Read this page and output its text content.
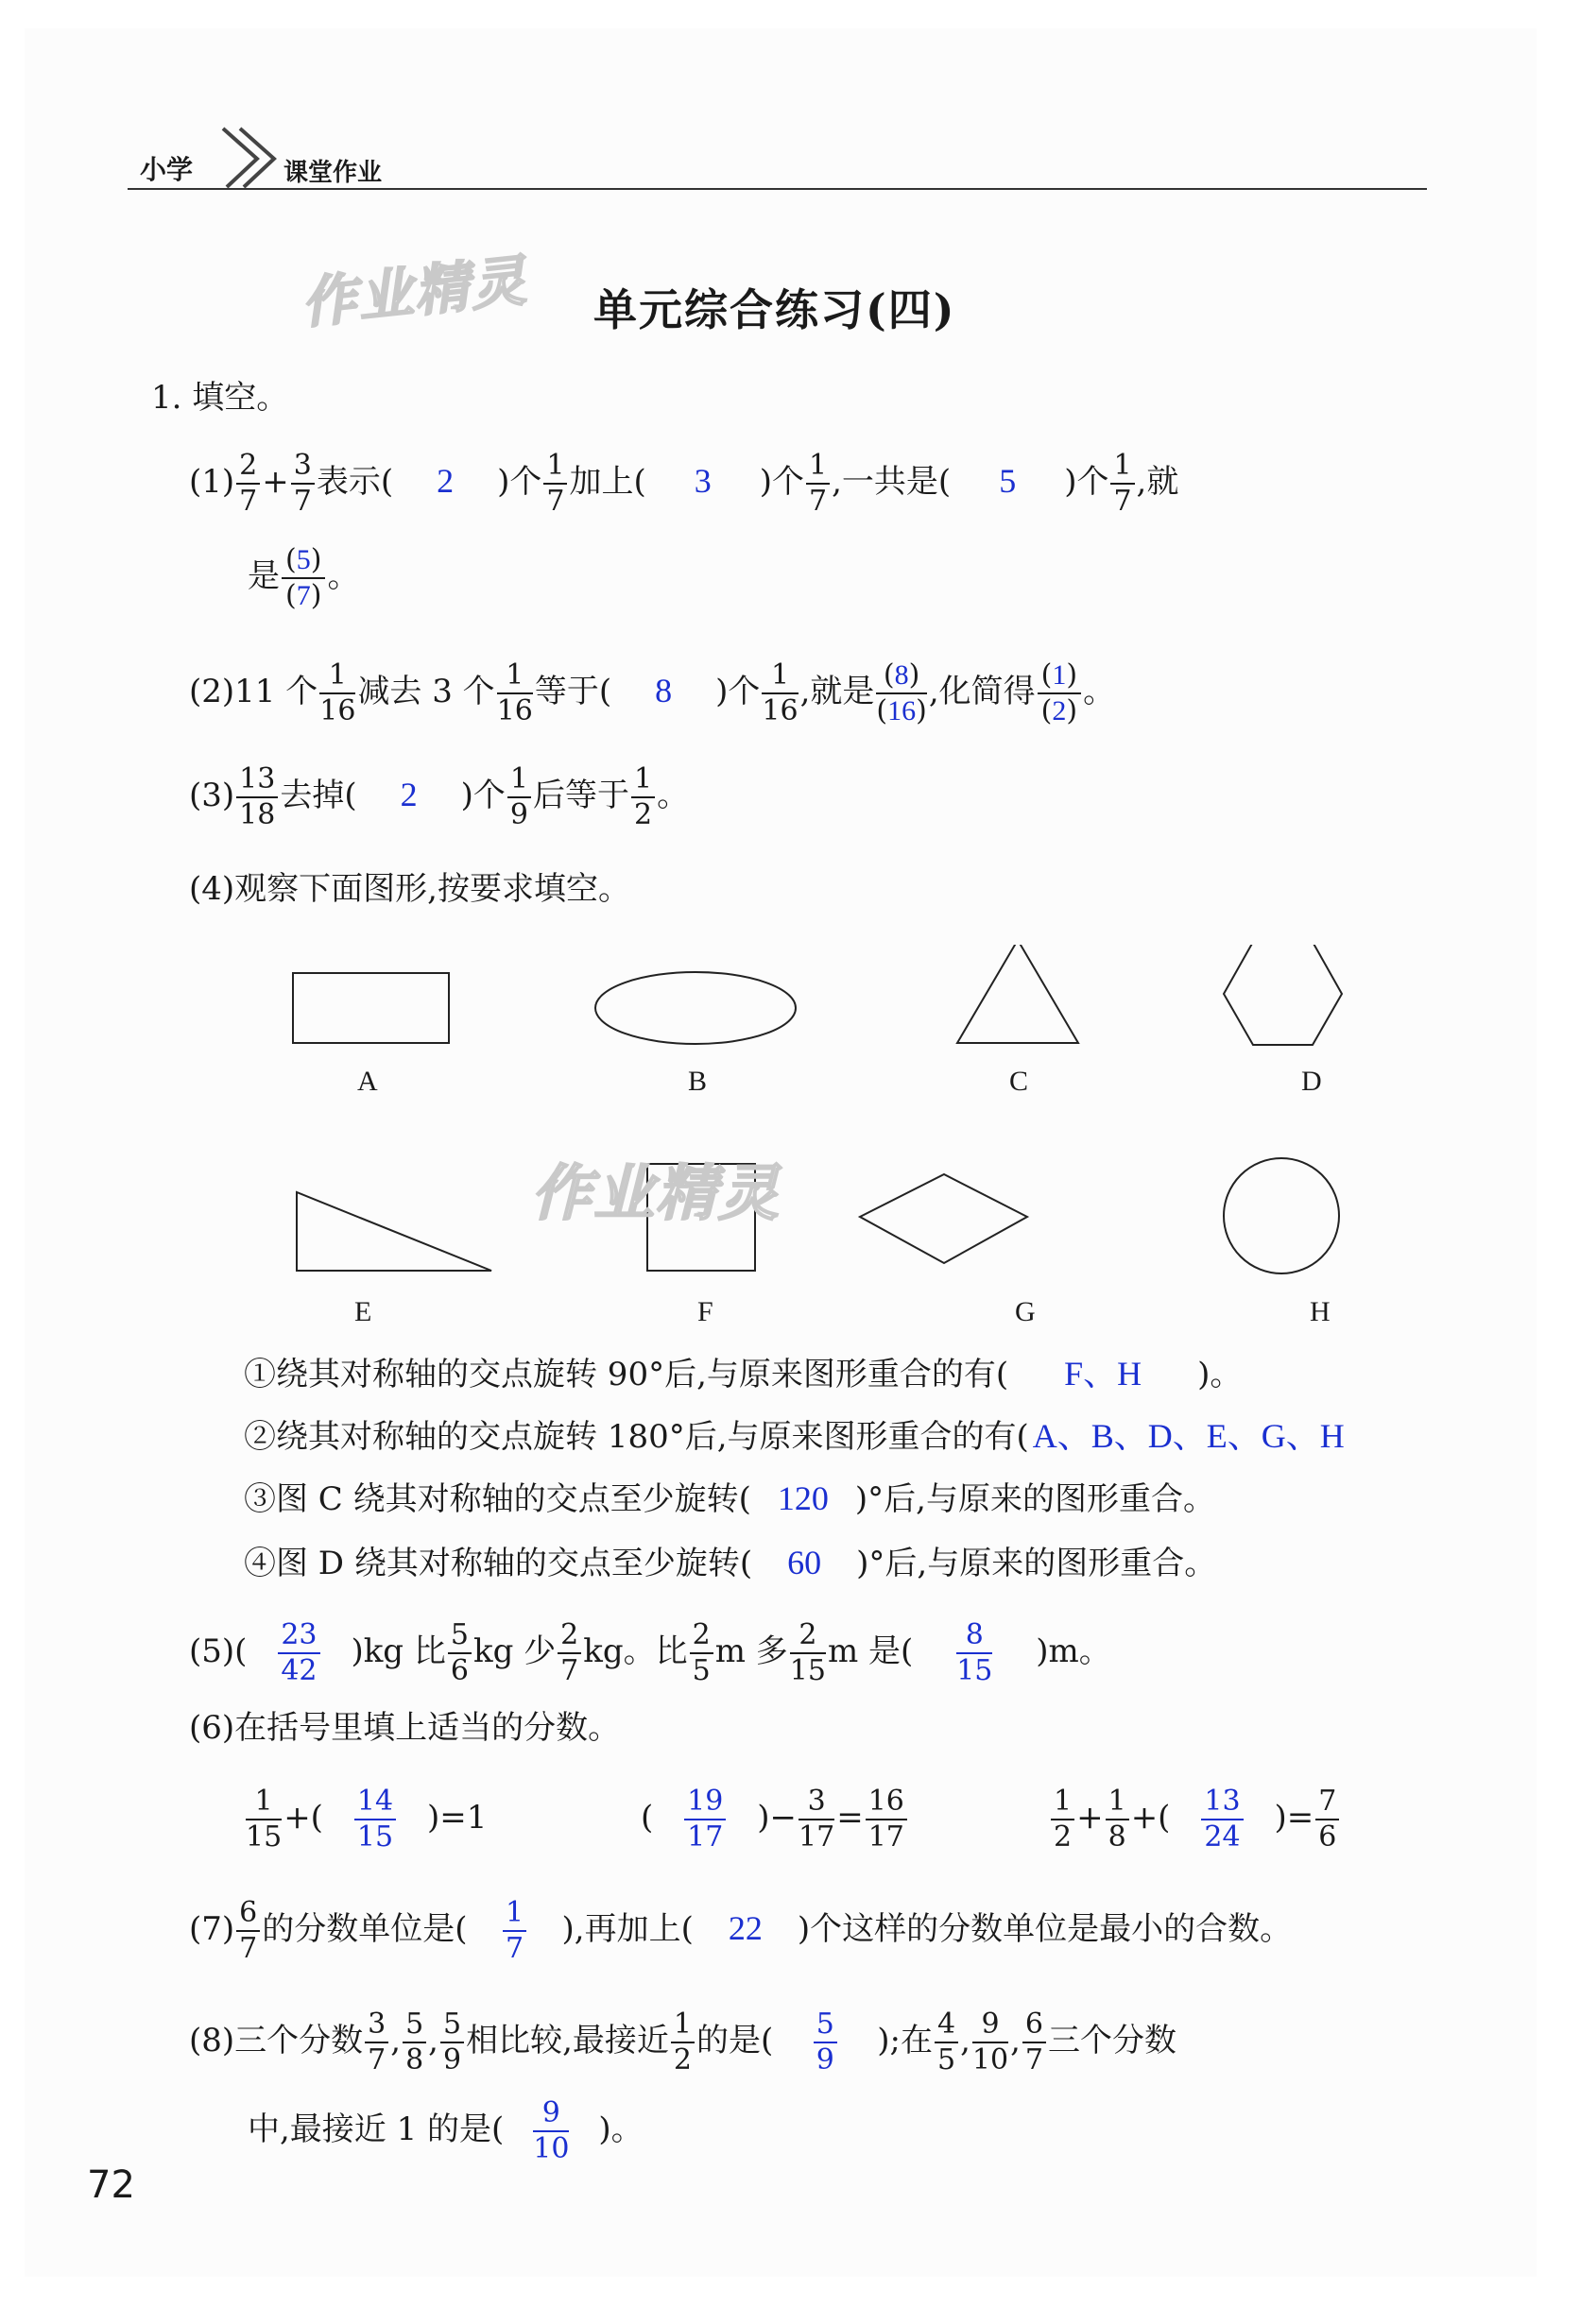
小学	课堂作业
作业精灵 单元综合练习(四)
1. 填空。
$(1) \frac{2}{7} + \frac{3}{7}$ 表示( 2 )个 $\frac{1}{7}$ 加上( 3 )个 $\frac{1}{7}$ ,一共是( 5 )个 $\frac{1}{7}$ ,就
是 $\frac{(5)}{(7)}$ 。
(2)11 个 $\frac{1}{16}$ 减去 3 个 $\frac{1}{16}$ 等于( 8 )个 $\frac{1}{16}$ ,就是 $\frac{(8)}{(16)}$ ,化简得 $\frac{(1)}{(2)}$ 。
$(3) \frac{13}{18}$ 去掉( 2 )个 $\frac{1}{9}$ 后等于 $\frac{1}{2}$ 。
(4)观察下面图形,按要求填空。
作业精灵
A	B	C	D
E	F	G	H
①绕其对称轴的交点旋转 90°后,与原来图形重合的有( F、H )。
②绕其对称轴的交点旋转 180°后,与原来图形重合的有( A、B、D、E、G、H
③图 C 绕其对称轴的交点至少旋转( 120 )°后,与原来的图形重合。
④图 D 绕其对称轴的交点至少旋转( 60 )°后,与原来的图形重合。
$(5)( \frac{23}{42} )kg$ 比 $\frac{5}{6}$ kg 少 $\frac{2}{7}$ kg。比 $\frac{2}{5}$ m 多 $\frac{2}{15}$ m 是( $\frac{8}{15} )m$。
(6)在括号里填上适当的分数。
$\frac{1}{15}$ +( $\frac{14}{15} )=1$	( $\frac{19}{17}$ )− $\frac{3}{17} = \frac{16}{17}$	$\frac{1}{2} + \frac{1}{8}$ +( $\frac{13}{24}$ )= $\frac{7}{6}$
$(7) \frac{6}{7}$ 的分数单位是( $\frac{1}{7}$ ),再加上( 22 )个这样的分数单位是最小的合数。
(8)三个分数 $\frac{3}{7}$ , $\frac{5}{8}$ , $\frac{5}{9}$ 相比较,最接近 $\frac{1}{2}$ 的是( $\frac{5}{9}$ );在 $\frac{4}{5}$ , $\frac{9}{10}$ , $\frac{6}{7}$ 三个分数
中,最接近 1 的是( $\frac{9}{10}$ )。
72
